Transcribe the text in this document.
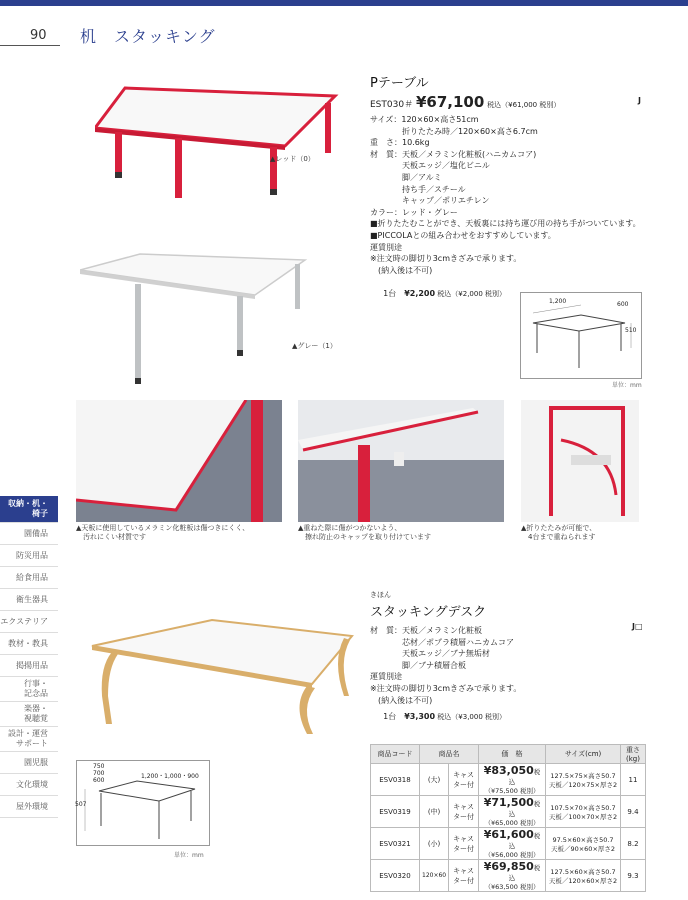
90 机　スタッキング
収納・机・
椅子
園備品
防災用品
給食用品
衛生器具
エクステリア
教材・教具
掲揚用品
行事・
記念品
楽器・
視聴覚
設計・運営
サポート
園児服
文化環境
屋外環境
▲レッド（0）
▲グレー（1）
Pテーブル
EST030＃ ¥67,100 税込（¥61,000 税別）	J
サイズ：120×60×高さ51cm
　　　　折りたたみ時／120×60×高さ6.7cm
重　さ：10.6kg
材　質：天板／メラミン化粧板(ハニカムコア)
　　　　天板エッジ／塩化ビニル
　　　　脚／アルミ
　　　　持ち手／スチール
　　　　キャップ／ポリエチレン
カラー：レッド・グレー
■折りたたむことができ、天板裏には持ち運び用の持ち手がついています。
■PICCOLAとの組み合わせをおすすめしています。
運賃別途
※注文時の脚切り3cmきざみで承ります。
　(納入後は不可)

　1台　¥2,200 税込（¥2,000 税別）

1,200	600
510
単位：mm
▲天板に使用しているメラミン化粧板は傷つきにくく、
　汚れにくい材質です
▲重ねた際に傷がつかないよう、
　擦れ防止のキャップを取り付けています
▲折りたたみが可能で、
　4台まで重ねられます
きほん
スタッキングデスク
J□
材　質：天板／メラミン化粧板
　　　　芯材／ポプラ積層ハニカムコア
　　　　天板エッジ／ブナ無垢材
　　　　脚／ブナ積層合板
運賃別途
※注文時の脚切り3cmきざみで承ります。
　(納入後は不可)

　1台　¥3,300 税込（¥3,000 税別）

750
700
600
1,200・1,000・900
507
単位：mm
商品コード	商品名		価　格	サイズ(cm)	重さ(kg)
ESV0318	(大)	キャスター付	¥83,050税込
（¥75,500 税別）	127.5×75×高さ50.7
天板／120×75×厚さ2	11
ESV0319	(中)	キャスター付	¥71,500税込
（¥65,000 税別）	107.5×70×高さ50.7
天板／100×70×厚さ2	9.4
ESV0321	(小)	キャスター付	¥61,600税込
（¥56,000 税別）	97.5×60×高さ50.7
天板／90×60×厚さ2	8.2
ESV0320	120×60	キャスター付	¥69,850税込
（¥63,500 税別）	127.5×60×高さ50.7
天板／120×60×厚さ2	9.3
